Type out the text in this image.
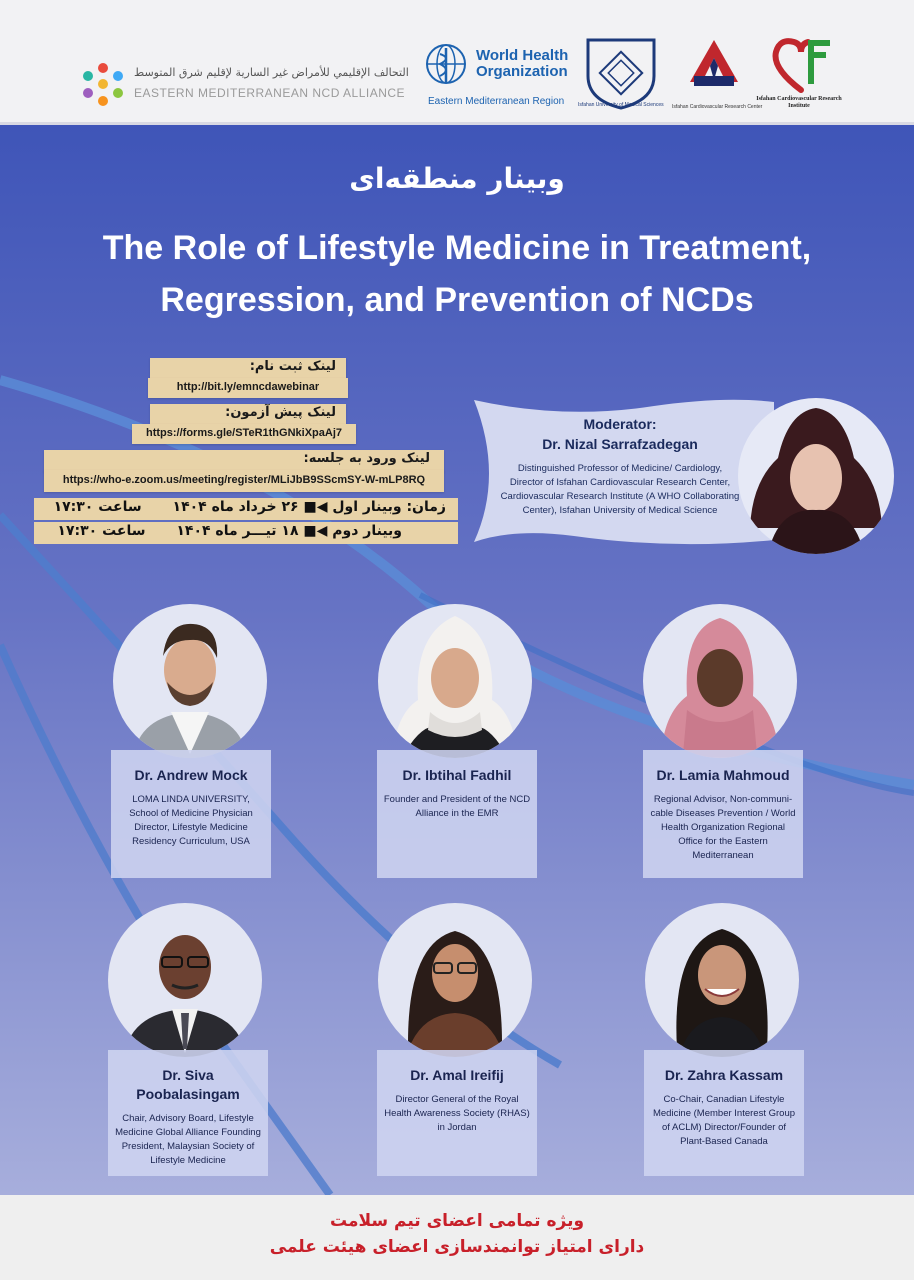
التحالف الإقليمي للأمراض غير السارية لإقليم شرق المتوسط
EASTERN MEDITERRANEAN NCD ALLIANCE
World Health
Organization
Eastern Mediterranean Region	Isfahan University of Medical Sciences Isfahan Cardiovascular Research Center
Isfahan Cardiovascular Research Institute
وبینار منطقه‌ای
The Role of Lifestyle Medicine in Treatment,
Regression, and Prevention of NCDs
لینک ثبت نام:
http://bit.ly/emncdawebinar
لینک پیش آزمون:
https://forms.gle/STeR1thGNkiXpaAj7
لینک ورود به جلسه:
https://who-e.zoom.us/meeting/register/MLiJbB9SScmSY-W-mLP8RQ
زمان: وبینار اول ◀■ ۲۶ خرداد ماه ۱۴۰۴ ساعت ۱۷:۳۰
وبینار دوم ◀■ ۱۸ تیـــر ماه ۱۴۰۴ ساعت ۱۷:۳۰
Moderator:
Dr. Nizal Sarrafzadegan
Distinguished Professor of Medicine/ Cardiology, Director of Isfahan Cardiovascular Research Center, Cardiovascular Research Institute (A WHO Collaborating Center), Isfahan University of Medical Science
Dr. Andrew Mock
LOMA LINDA UNIVERSITY, School of Medicine Physician Director, Lifestyle Medicine Residency Curriculum, USA
Dr. Ibtihal Fadhil
Founder and President of the NCD Alliance in the EMR
Dr. Lamia Mahmoud
Regional Advisor, Non-communi-cable Diseases Prevention / World Health Organization Regional Office for the Eastern Mediterranean
Dr. Siva Poobalasingam
Chair, Advisory Board, Lifestyle Medicine Global Alliance Founding President, Malaysian Society of Lifestyle Medicine
Dr. Amal Ireifij
Director General of the Royal Health Awareness Society (RHAS) in Jordan
Dr. Zahra Kassam
Co-Chair, Canadian Lifestyle Medicine (Member Interest Group of ACLM) Director/Founder of Plant-Based Canada
ویژه تمامی اعضای تیم سلامت
دارای امتیاز توانمندسازی اعضای هیئت علمی
